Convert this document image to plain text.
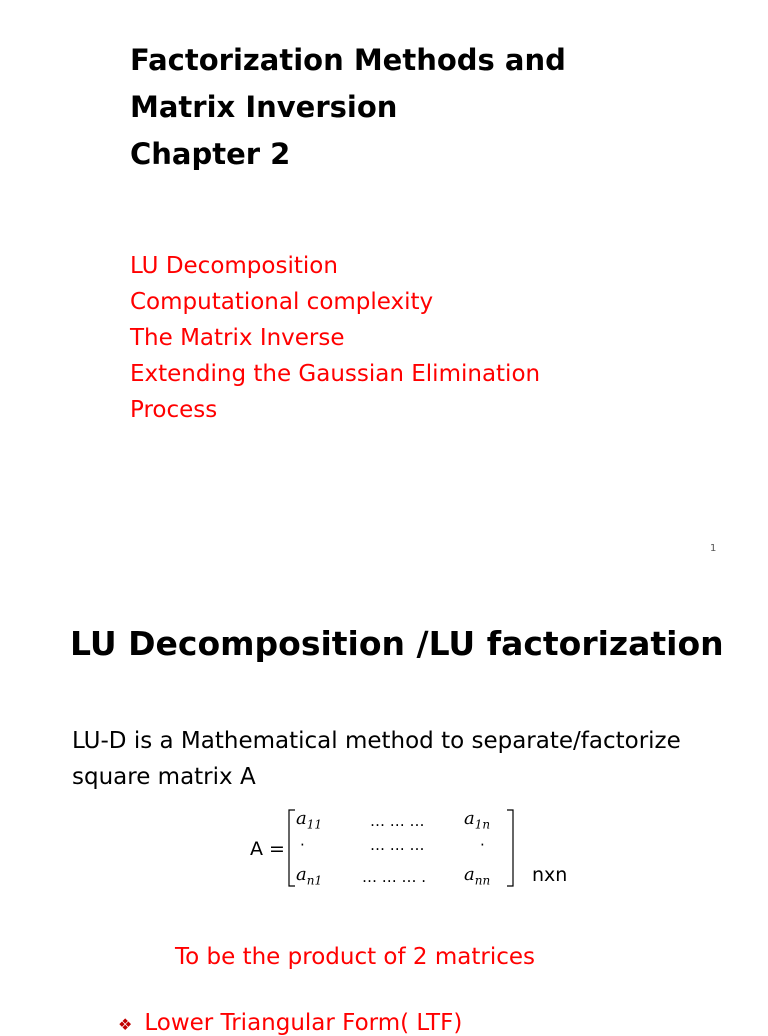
Factorization Methods and
Matrix Inversion
Chapter 2
LU Decomposition
Computational complexity
The Matrix Inverse
Extending the Gaussian Elimination
Process
1
LU Decomposition /LU factorization
LU-D is a Mathematical method to separate/factorize
square matrix A
A =
$a_{11}$	… … … $a_{1n}$
·	… … …	·
$a_{n1}$	… … … . $a_{nn}$ nxn
To be the product of 2 matrices
❖ Lower Triangular Form( LTF)
